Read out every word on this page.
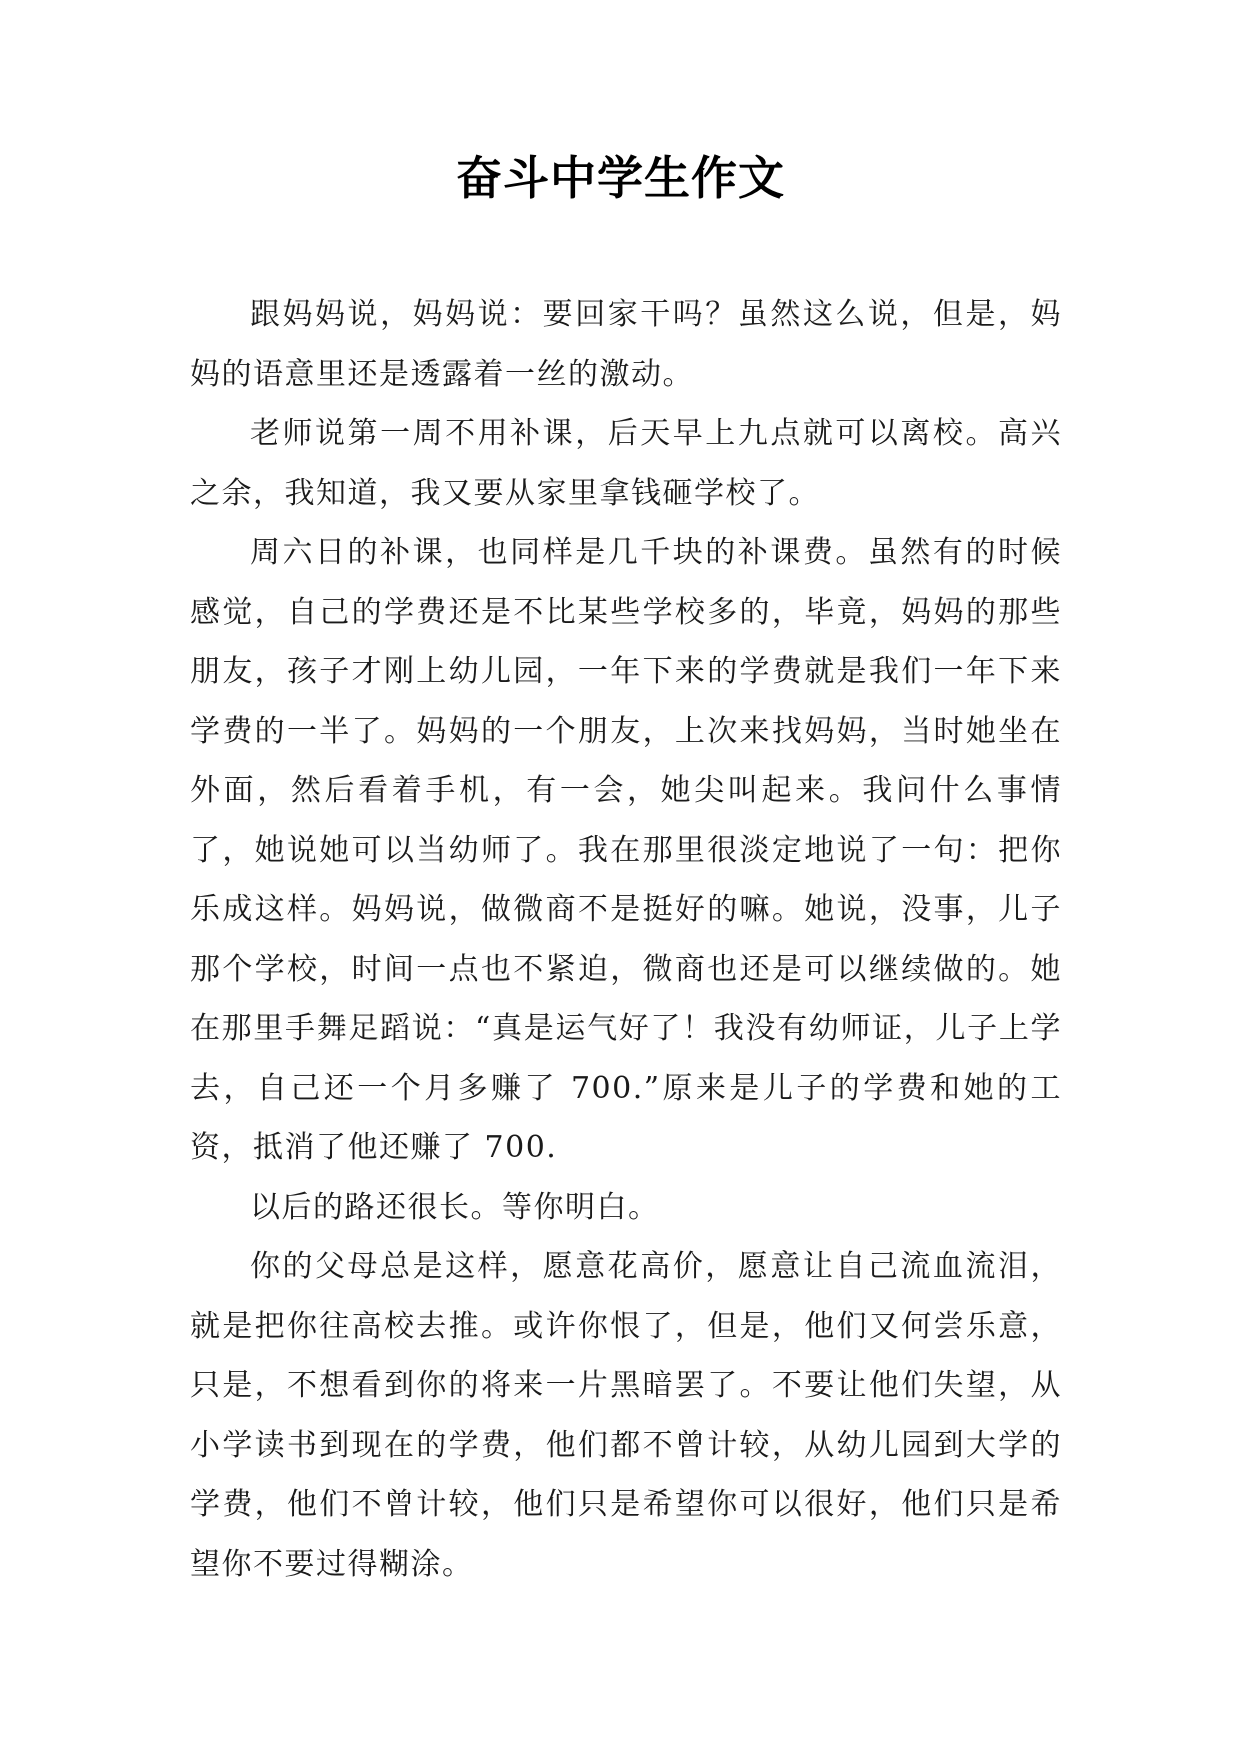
奋斗中学生作文

跟妈妈说，妈妈说：要回家干吗？虽然这么说，但是，妈妈的语意里还是透露着一丝的激动。

老师说第一周不用补课，后天早上九点就可以离校。高兴之余，我知道，我又要从家里拿钱砸学校了。

周六日的补课，也同样是几千块的补课费。虽然有的时候感觉，自己的学费还是不比某些学校多的，毕竟，妈妈的那些朋友，孩子才刚上幼儿园，一年下来的学费就是我们一年下来学费的一半了。妈妈的一个朋友，上次来找妈妈，当时她坐在外面，然后看着手机，有一会，她尖叫起来。我问什么事情了，她说她可以当幼师了。我在那里很淡定地说了一句：把你乐成这样。妈妈说，做微商不是挺好的嘛。她说，没事，儿子那个学校，时间一点也不紧迫，微商也还是可以继续做的。她在那里手舞足蹈说：“真是运气好了！我没有幼师证，儿子上学去，自己还一个月多赚了 700.”原来是儿子的学费和她的工资，抵消了他还赚了 700.

以后的路还很长。等你明白。

你的父母总是这样，愿意花高价，愿意让自己流血流泪，就是把你往高校去推。或许你恨了，但是，他们又何尝乐意，只是，不想看到你的将来一片黑暗罢了。不要让他们失望，从小学读书到现在的学费，他们都不曾计较，从幼儿园到大学的学费，他们不曾计较，他们只是希望你可以很好，他们只是希望你不要过得糊涂。
